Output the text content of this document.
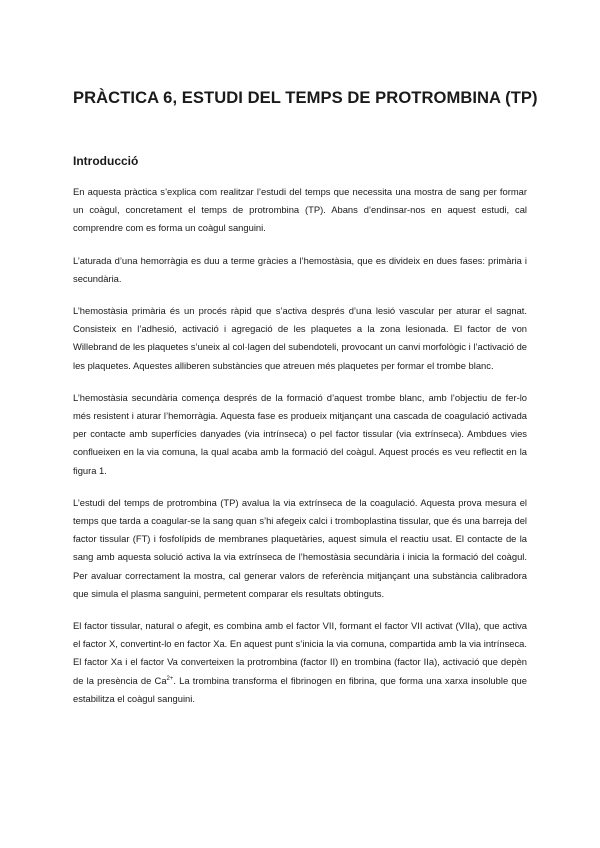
PRÀCTICA 6, ESTUDI DEL TEMPS DE PROTROMBINA (TP)
Introducció

En aquesta pràctica s’explica com realitzar l’estudi del temps que necessita una mostra de sang per formar un coàgul, concretament el temps de protrombina (TP). Abans d’endinsar-nos en aquest estudi, cal comprendre com es forma un coàgul sanguini.

L’aturada d’una hemorràgia es duu a terme gràcies a l’hemostàsia, que es divideix en dues fases: primària i secundària.

L’hemostàsia primària és un procés ràpid que s’activa després d’una lesió vascular per aturar el sagnat. Consisteix en l’adhesió, activació i agregació de les plaquetes a la zona lesionada. El factor de von Willebrand de les plaquetes s’uneix al col·lagen del subendoteli, provocant un canvi morfològic i l’activació de les plaquetes. Aquestes alliberen substàncies que atreuen més plaquetes per formar el trombe blanc.

L’hemostàsia secundària comença després de la formació d’aquest trombe blanc, amb l’objectiu de fer-lo més resistent i aturar l’hemorràgia. Aquesta fase es produeix mitjançant una cascada de coagulació activada per contacte amb superfícies danyades (via intrínseca) o pel factor tissular (via extrínseca). Ambdues vies conflueixen en la via comuna, la qual acaba amb la formació del coàgul. Aquest procés es veu reflectit en la figura 1.

L’estudi del temps de protrombina (TP) avalua la via extrínseca de la coagulació. Aquesta prova mesura el temps que tarda a coagular-se la sang quan s’hi afegeix calci i tromboplastina tissular, que és una barreja del factor tissular (FT) i fosfolípids de membranes plaquetàries, aquest simula el reactiu usat. El contacte de la sang amb aquesta solució activa la via extrínseca de l’hemostàsia secundària i inicia la formació del coàgul. Per avaluar correctament la mostra, cal generar valors de referència mitjançant una substància calibradora que simula el plasma sanguini, permetent comparar els resultats obtinguts.

El factor tissular, natural o afegit, es combina amb el factor VII, formant el factor VII activat (VIIa), que activa el factor X, convertint-lo en factor Xa. En aquest punt s’inicia la via comuna, compartida amb la via intrínseca. El factor Xa i el factor Va converteixen la protrombina (factor II) en trombina (factor IIa), activació que depèn de la presència de $Ca^{2+}$. La trombina transforma el fibrinogen en fibrina, que forma una xarxa insoluble que estabilitza el coàgul sanguini.
